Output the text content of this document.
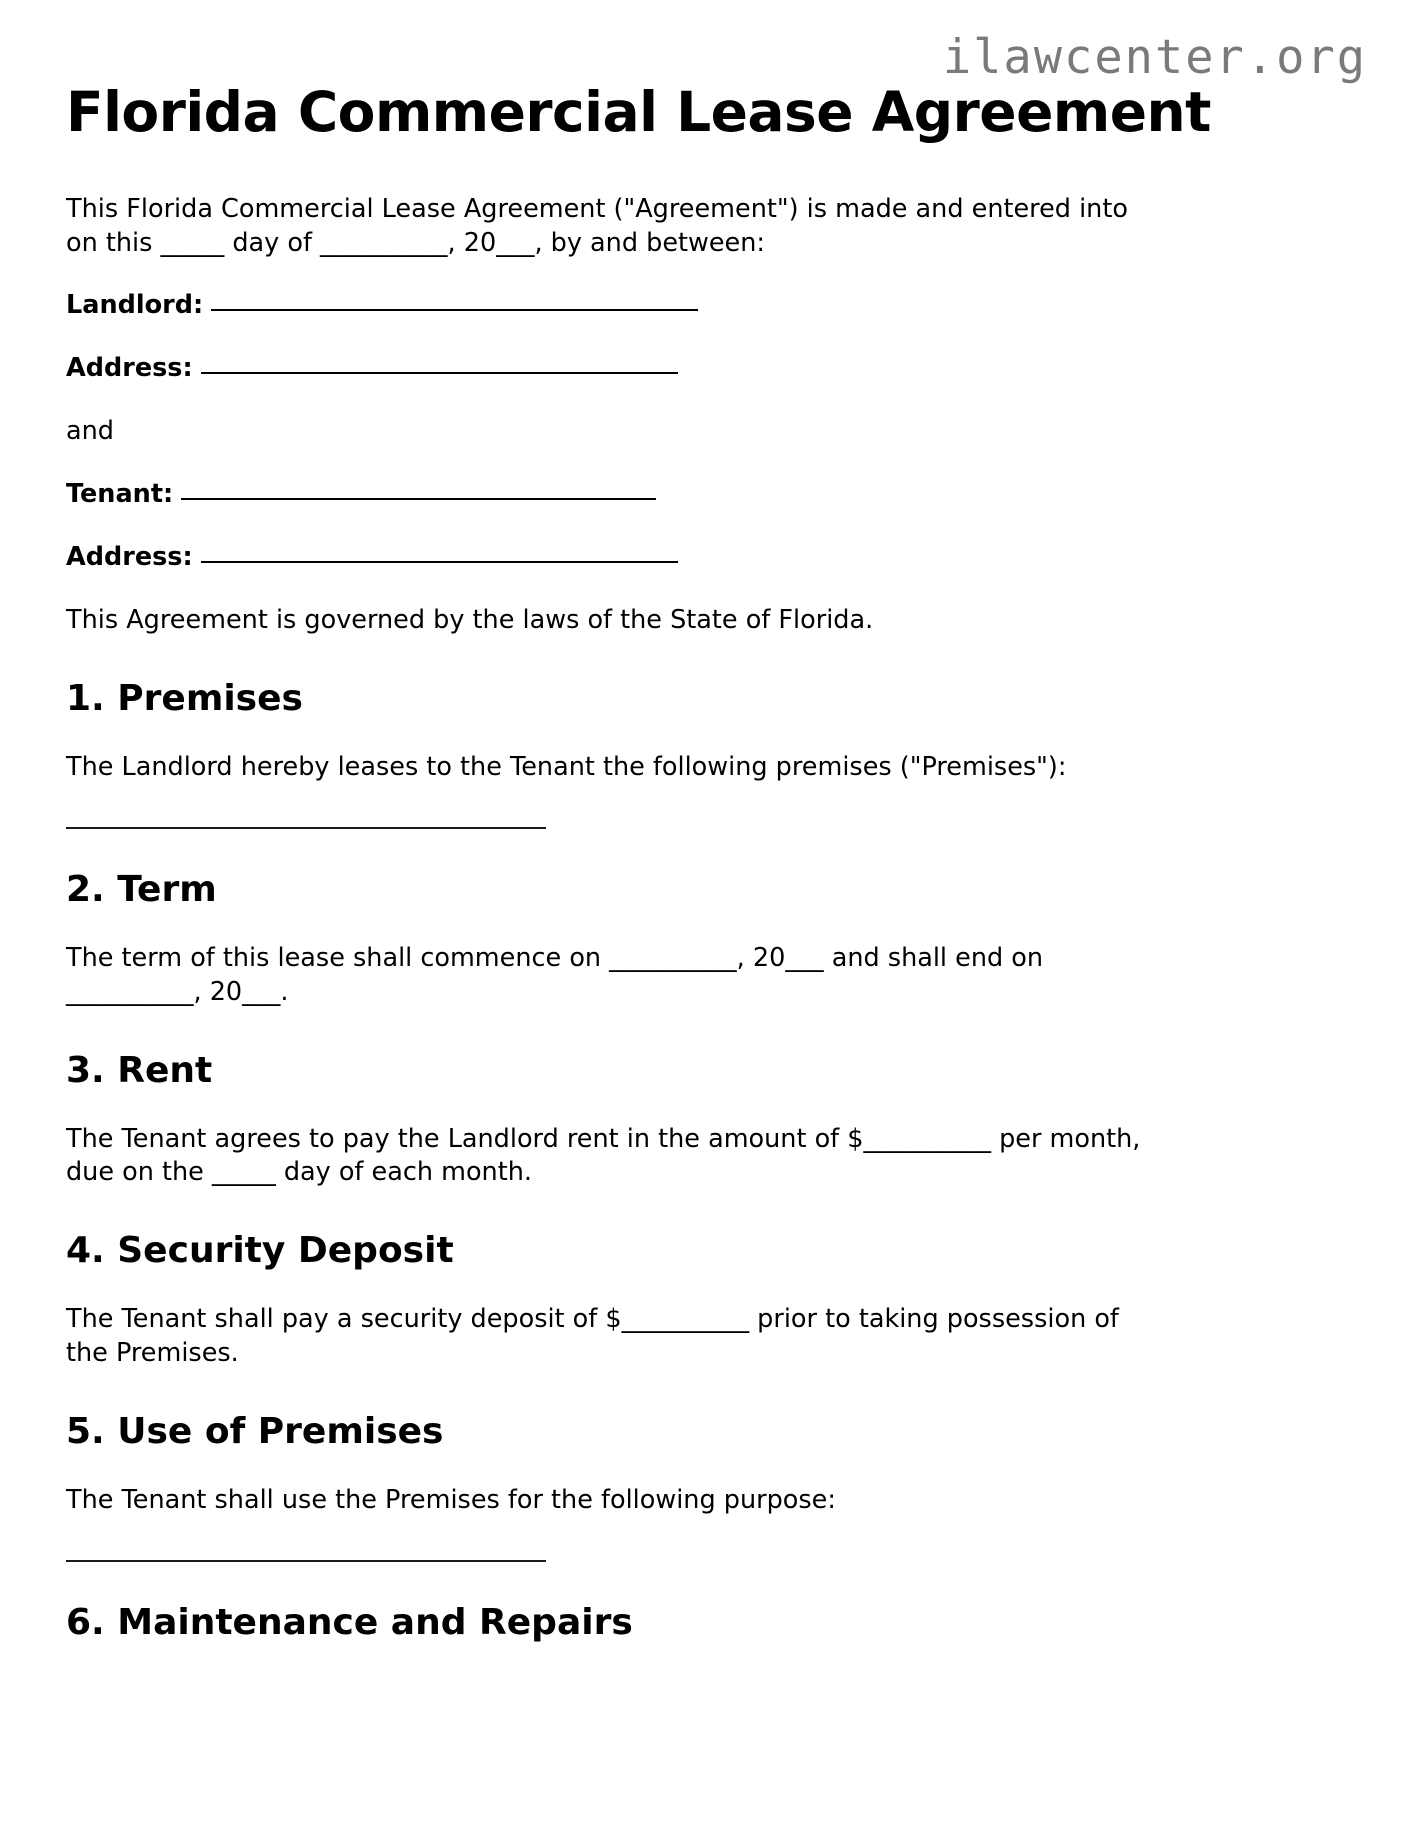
ilawcenter.org
Florida Commercial Lease Agreement

This Florida Commercial Lease Agreement ("Agreement") is made and entered into on this _____ day of __________, 20___, by and between:

Landlord:
Address:
and
Tenant:
Address:

This Agreement is governed by the laws of the State of Florida.

1. Premises

The Landlord hereby leases to the Tenant the following premises ("Premises"):

2. Term

The term of this lease shall commence on __________, 20___ and shall end on __________, 20___.

3. Rent

The Tenant agrees to pay the Landlord rent in the amount of $__________ per month, due on the _____ day of each month.

4. Security Deposit

The Tenant shall pay a security deposit of $__________ prior to taking possession of the Premises.

5. Use of Premises

The Tenant shall use the Premises for the following purpose:

6. Maintenance and Repairs
